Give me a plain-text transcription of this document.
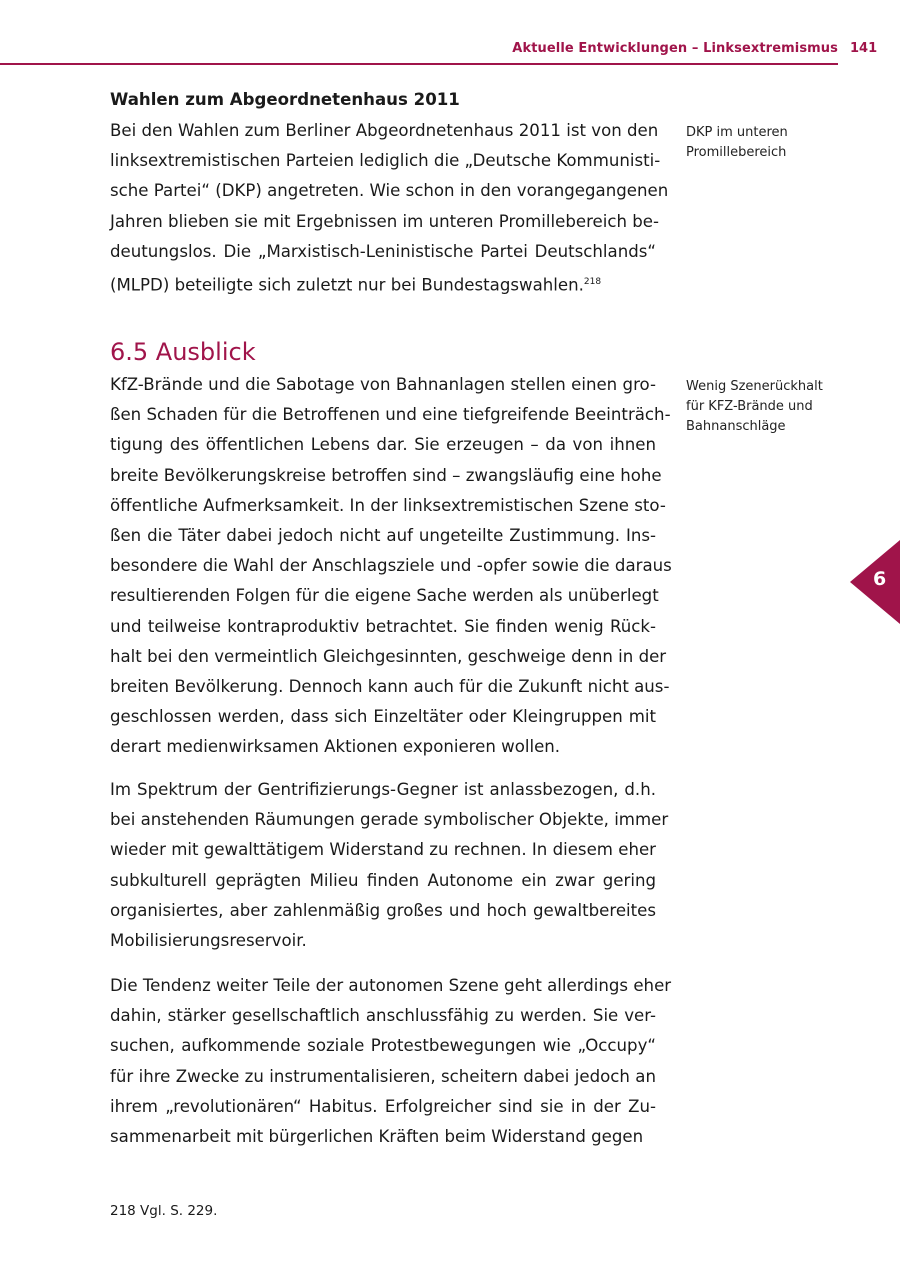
Aktuelle Entwicklungen – Linksextremismus 141
6
Wahlen zum Abgeordnetenhaus 2011
Bei den Wahlen zum Berliner Abgeordnetenhaus 2011 ist von den
linksextremistischen Parteien lediglich die „Deutsche Kommunisti-
sche Partei“ (DKP) angetreten. Wie schon in den vorangegangenen
Jahren blieben sie mit Ergebnissen im unteren Promillebereich be-
deutungslos. Die „Marxistisch-Leninistische Partei Deutschlands“
(MLPD) beteiligte sich zuletzt nur bei Bundestagswahlen.$^{218}$
DKP im unteren
Promillebereich
6.5 Ausblick
Wenig Szenerückhalt
für KFZ-Brände und
Bahnanschläge
KfZ-Brände und die Sabotage von Bahnanlagen stellen einen gro-
ßen Schaden für die Betroffenen und eine tiefgreifende Beeinträch-
tigung des öffentlichen Lebens dar. Sie erzeugen – da von ihnen
breite Bevölkerungskreise betroffen sind – zwangsläufig eine hohe
öffentliche Aufmerksamkeit. In der linksextremistischen Szene sto-
ßen die Täter dabei jedoch nicht auf ungeteilte Zustimmung. Ins-
besondere die Wahl der Anschlagsziele und -opfer sowie die daraus
resultierenden Folgen für die eigene Sache werden als unüberlegt
und teilweise kontraproduktiv betrachtet. Sie finden wenig Rück-
halt bei den vermeintlich Gleichgesinnten, geschweige denn in der
breiten Bevölkerung. Dennoch kann auch für die Zukunft nicht aus-
geschlossen werden, dass sich Einzeltäter oder Kleingruppen mit
derart medienwirksamen Aktionen exponieren wollen.
Im Spektrum der Gentrifizierungs-Gegner ist anlassbezogen, d.h.
bei anstehenden Räumungen gerade symbolischer Objekte, immer
wieder mit gewalttätigem Widerstand zu rechnen. In diesem eher
subkulturell geprägten Milieu finden Autonome ein zwar gering
organisiertes, aber zahlenmäßig großes und hoch gewaltbereites
Mobilisierungsreservoir.
Die Tendenz weiter Teile der autonomen Szene geht allerdings eher
dahin, stärker gesellschaftlich anschlussfähig zu werden. Sie ver-
suchen, aufkommende soziale Protestbewegungen wie „Occupy“
für ihre Zwecke zu instrumentalisieren, scheitern dabei jedoch an
ihrem „revolutionären“ Habitus. Erfolgreicher sind sie in der Zu-
sammenarbeit mit bürgerlichen Kräften beim Widerstand gegen
218 Vgl. S. 229.
